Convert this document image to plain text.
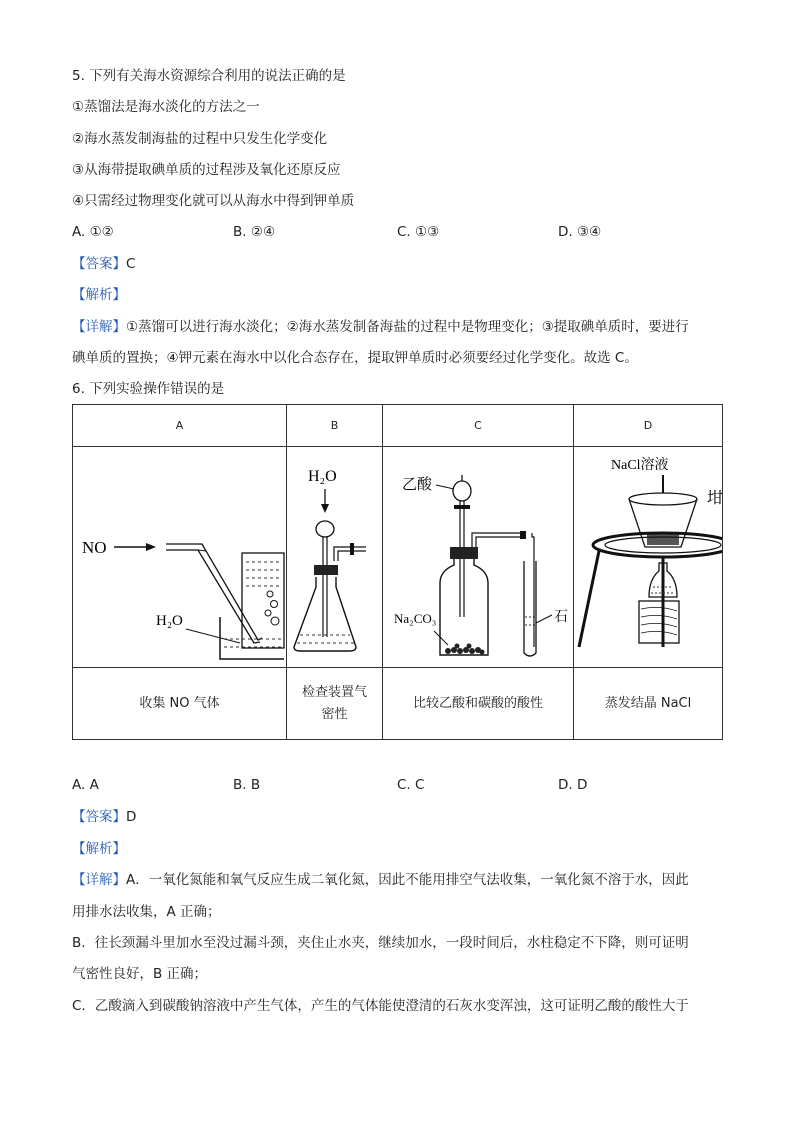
5. 下列有关海水资源综合利用的说法正确的是
①蒸馏法是海水淡化的方法之一
②海水蒸发制海盐的过程中只发生化学变化
③从海带提取碘单质的过程涉及氧化还原反应
④只需经过物理变化就可以从海水中得到钾单质
A. ①②	B. ②④	C. ①③	D. ③④
【答案】C
【解析】
【详解】①蒸馏可以进行海水淡化；②海水蒸发制备海盐的过程中是物理变化；③提取碘单质时，要进行
碘单质的置换；④钾元素在海水中以化合态存在，提取钾单质时必须要经过化学变化。故选 C。
6. 下列实验操作错误的是
A	B	C	D

NO
H₂O	H₂O	乙酸
Na₂CO₃ 石	NaCl溶液
坩

收集 NO 气体	检查装置气密性	比较乙酸和碳酸的酸性	蒸发结晶 NaCl
A. A	B. B	C. C	D. D
【答案】D
【解析】
【详解】A．一氧化氮能和氧气反应生成二氧化氮，因此不能用排空气法收集，一氧化氮不溶于水，因此
用排水法收集，A 正确；
B．往长颈漏斗里加水至没过漏斗颈，夹住止水夹，继续加水，一段时间后，水柱稳定不下降，则可证明
气密性良好，B 正确；
C．乙酸滴入到碳酸钠溶液中产生气体，产生的气体能使澄清的石灰水变浑浊，这可证明乙酸的酸性大于
